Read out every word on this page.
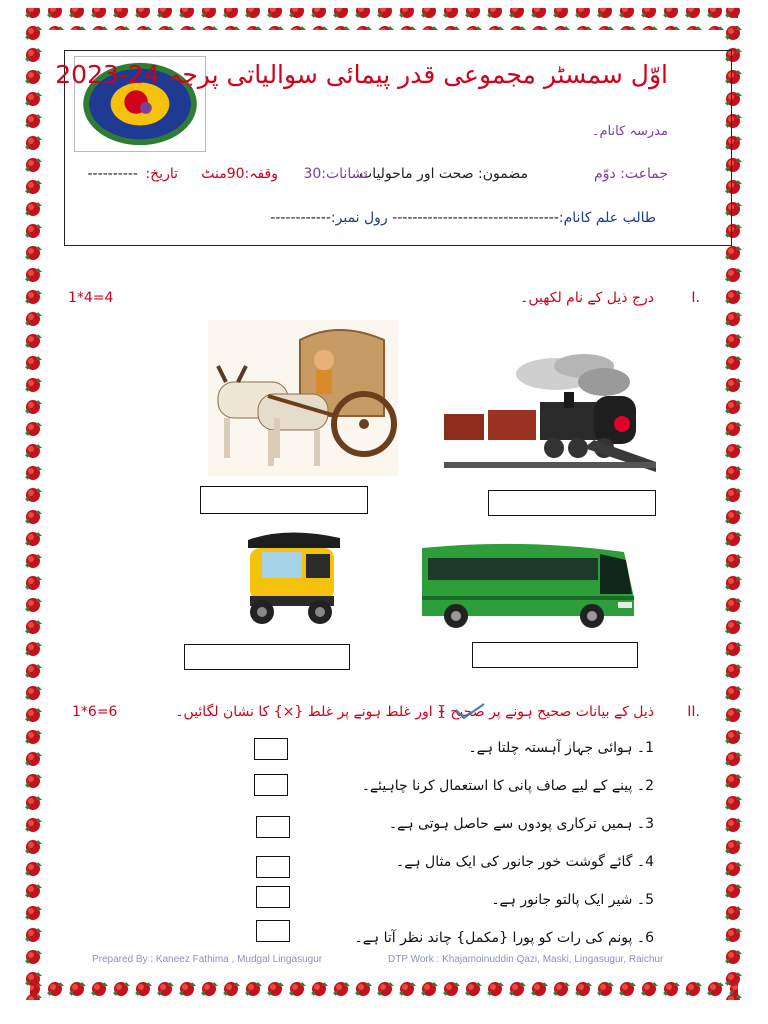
اوّل سمسٹر مجموعی قدر پیمائی سوالیاتی پرچہ 24-2023
مدرسہ کانام۔
جماعت: دوّم
مضمون: صحت اور ماحولیات
نشانات:30
وقفہ:90منٹ
تاریخ:
----------
طالب علم کانام:--------------------------------- رول نمبر:------------
I.
درج ذیل کے نام لکھیں۔
1*4=4
II.
ذیل کے بیانات صحیح ہونے پر صحیح {
} اور غلط ہونے پر غلط {×} کا نشان لگائیں۔
1*6=6
1۔ ہوائی جہاز آہستہ چلتا ہے۔
2۔ پینے کے لیے صاف پانی کا استعمال کرنا چاہیئے۔
3۔ ہمیں ترکاری پودوں سے حاصل ہوتی ہے۔
4۔ گائے گوشت خور جانور کی ایک مثال ہے۔
5۔ شیر ایک پالتو جانور ہے۔
6۔ پونم کی رات کو پورا {مکمل} چاند نظر آتا ہے۔
Prepared By : Kaneez Fathima , Mudgal Lingasugur	DTP Work : Khajamoinuddin Qazi, Maski, Lingasugur, Raichur
